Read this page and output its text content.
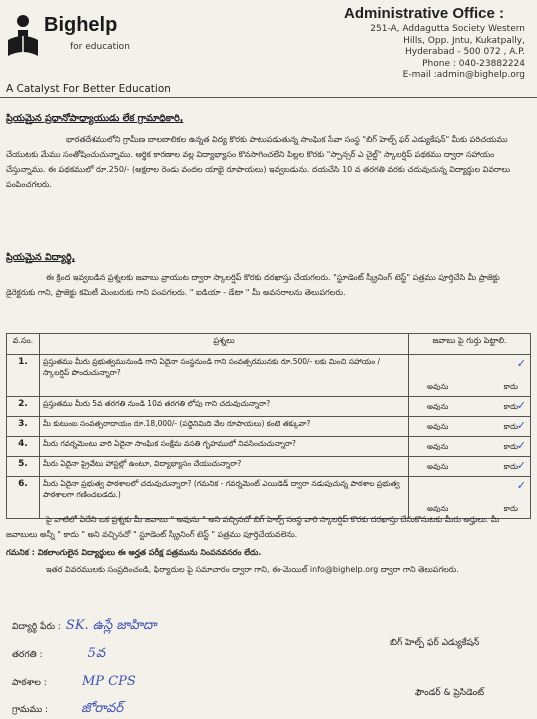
Bighelp
for education
A Catalyst For Better Education
Administrative Office :
251-A, Addagutta Society Western
Hills, Opp. Jntu, Kukatpally,
Hyderabad - 500 072 , A.P.
Phone : 040-23882224
E-mail :admin@bighelp.org
ప్రియమైన ప్రధానోపాధ్యాయుడు లేక గ్రామాధికారి,
భారతదేశములోని గ్రామీణ బాలబాలికల ఉన్నత విద్య కొరకు పాటుపడుతున్న సాంఘిక సేవా సంస్థ "బిగ్ హెల్ప్ ఫర్ ఎడ్యుకేషన్" మీకు పరిచయము చేయుటకు మేము సంతోషించుచున్నాము. ఆర్థిక కారణాల వల్ల విద్యాభ్యాసం కొనసాగించలేని పిల్లల కొరకు "స్పాన్సర్ ఎ చైల్డ్" స్కాలర్షిప్ పథకము ద్వారా సహాయం చేస్తున్నాము. ఈ పథకములో రూ.250/- (అక్షరాల రెండు వందల యాభై రూపాయలు) ఇవ్వబడును. దయచేసి 10 వ తరగతి వరకు చదువుచున్న విద్యార్థుల వివరాలు పంపించగలరు.
ప్రియమైన విద్యార్థి,
ఈ క్రింద ఇవ్వబడిన ప్రశ్నలకు జవాబు వ్రాయుట ద్వారా స్కాలర్షిప్ కొరకు దరఖాస్తు చేయగలరు. "స్టూడెంట్ స్క్రీనింగ్ టెస్ట్" పత్రము పూర్తిచేసి మీ ప్రాజెక్టు డైరెక్టరుకు గాని, ప్రాజెక్టు కమిటీ మెంబరుకు గాని పంపగలరు. " ఐడియా - డేటా " మీ అవసరాలను తెలుపగలరు.
వ.సం.	ప్రశ్నలు	జవాబు పై గుర్తు పెట్టాలి.
1.	ప్రస్తుతము మీరు ప్రభుత్వమునుండి గాని ఏదైనా సంస్థనుండి గాని సంవత్సరమునకు రూ.500/- లకు మించి సహాయం / స్కాలర్షిప్ పొందుచున్నారా?	✓
అవును కాదు

2.	ప్రస్తుతము మీరు 5వ తరగతి నుండి 10వ తరగతి లోపు గాని చదువుచున్నారా?	✓
అవును కాదు

3.	మీ కుటుంబ సంవత్సరాదాయం రూ.18,000/- (పద్దెనిమిది వేల రూపాయలు) కంటె తక్కువా?	✓
అవును కాదు

4.	మీరు గవర్నమెంటు వారి ఏదైనా సాంఘిక సంక్షేమ వసతి గృహములో నివసించుచున్నారా?	✓
అవును కాదు

5.	మీరు ఏదైనా ప్రైవేటు హాస్టల్లో ఉంటూ, విద్యాభ్యాసం చేయుచున్నారా?	✓
అవును కాదు

6.	మీరు ఏదైనా ప్రభుత్వ పాఠశాలలో చదువుచున్నారా? (గమనిక - గవర్నమెంట్ ఎయిడెడ్ ద్వారా నడుపుచున్న పాఠశాల ప్రభుత్వ పాఠశాలగా గణించబడదు.)	✓
అవును కాదు
పై వాటిలో ఏదేని ఒక ప్రశ్నకు మీ జవాబు " అవును " అని వచ్చినచో బిగ్ హెల్ప్ సంస్థ వారి స్కాలర్షిప్ కొరకు దరఖాస్తు చేసుకొనుటకు మీరు అర్హులు. మీ జవాబులు అన్నీ " కాదు " అని వచ్చినచో " స్టూడెంట్ స్క్రీనింగ్ టెస్ట్ " పత్రము పూర్తిచేయవలెను.
గమనిక : వికలాంగులైన విద్యార్థులు ఈ అర్హత పరీక్ష పత్రమును నింపనవసరం లేదు.
ఇతర వివరములకు సంప్రదించండి, ఫిర్యాదుల పై సమాచారం ద్వారా గాని, ఈ-మెయిల్ info@bighelp.org ద్వారా గాని తెలుపగలరు.
విద్యార్థి పేరు : SK. ఉస్లే జాహిదా
తరగతి :	5వ
పాఠశాల :	MP CPS
గ్రామము :	జోరావర్
బిగ్ హెల్ప్ ఫర్ ఎడ్యుకేషన్
ఫౌండర్ & ప్రెసిడెంట్
